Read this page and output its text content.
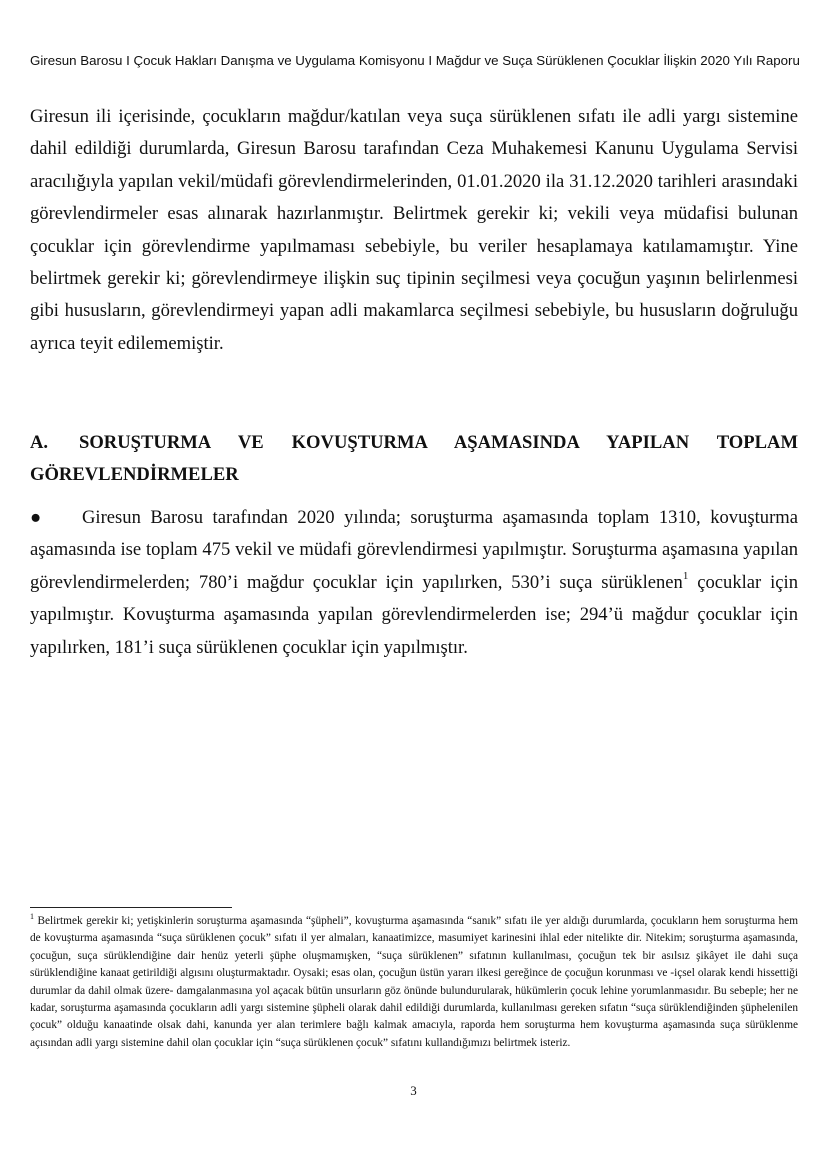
Giresun Barosu I Çocuk Hakları Danışma ve Uygulama Komisyonu I Mağdur ve Suça Sürüklenen Çocuklar İlişkin 2020 Yılı Raporu
Giresun ili içerisinde, çocukların mağdur/katılan veya suça sürüklenen sıfatı ile adli yargı sistemine dahil edildiği durumlarda, Giresun Barosu tarafından Ceza Muhakemesi Kanunu Uygulama Servisi aracılığıyla yapılan vekil/müdafi görevlendirmelerinden, 01.01.2020 ila 31.12.2020 tarihleri arasındaki görevlendirmeler esas alınarak hazırlanmıştır. Belirtmek gerekir ki; vekili veya müdafisi bulunan çocuklar için görevlendirme yapılmaması sebebiyle, bu veriler hesaplamaya katılamamıştır. Yine belirtmek gerekir ki; görevlendirmeye ilişkin suç tipinin seçilmesi veya çocuğun yaşının belirlenmesi gibi hususların, görevlendirmeyi yapan adli makamlarca seçilmesi sebebiyle, bu hususların doğruluğu ayrıca teyit edilememiştir.
A. SORUŞTURMA VE KOVUŞTURMA AŞAMASINDA YAPILAN TOPLAM GÖREVLENDİRMELER
● Giresun Barosu tarafından 2020 yılında; soruşturma aşamasında toplam 1310, kovuşturma aşamasında ise toplam 475 vekil ve müdafi görevlendirmesi yapılmıştır. Soruşturma aşamasına yapılan görevlendirmelerden; 780’i mağdur çocuklar için yapılırken, 530’i suça sürüklenen$^1$ çocuklar için yapılmıştır. Kovuşturma aşamasında yapılan görevlendirmelerden ise; 294’ü mağdur çocuklar için yapılırken, 181’i suça sürüklenen çocuklar için yapılmıştır.
$^1$ Belirtmek gerekir ki; yetişkinlerin soruşturma aşamasında “şüpheli”, kovuşturma aşamasında “sanık” sıfatı ile yer aldığı durumlarda, çocukların hem soruşturma hem de kovuşturma aşamasında “suça sürüklenen çocuk” sıfatı il yer almaları, kanaatimizce, masumiyet karinesini ihlal eder nitelikte dir. Nitekim; soruşturma aşamasında, çocuğun, suça sürüklendiğine dair henüz yeterli şüphe oluşmamışken, “suça sürüklenen” sıfatının kullanılması, çocuğun tek bir asılsız şikâyet ile dahi suça sürüklendiğine kanaat getirildiği algısını oluşturmaktadır. Oysaki; esas olan, çocuğun üstün yararı ilkesi gereğince de çocuğun korunması ve -içsel olarak kendi hissettiği durumlar da dahil olmak üzere- damgalanmasına yol açacak bütün unsurların göz önünde bulundurularak, hükümlerin çocuk lehine yorumlanmasıdır. Bu sebeple; her ne kadar, soruşturma aşamasında çocukların adli yargı sistemine şüpheli olarak dahil edildiği durumlarda, kullanılması gereken sıfatın “suça sürüklendiğinden şüphelenilen çocuk” olduğu kanaatinde olsak dahi, kanunda yer alan terimlere bağlı kalmak amacıyla, raporda hem soruşturma hem kovuşturma aşamasında suça sürüklenme açısından adli yargı sistemine dahil olan çocuklar için “suça sürüklenen çocuk” sıfatını kullandığımızı belirtmek isteriz.
3
